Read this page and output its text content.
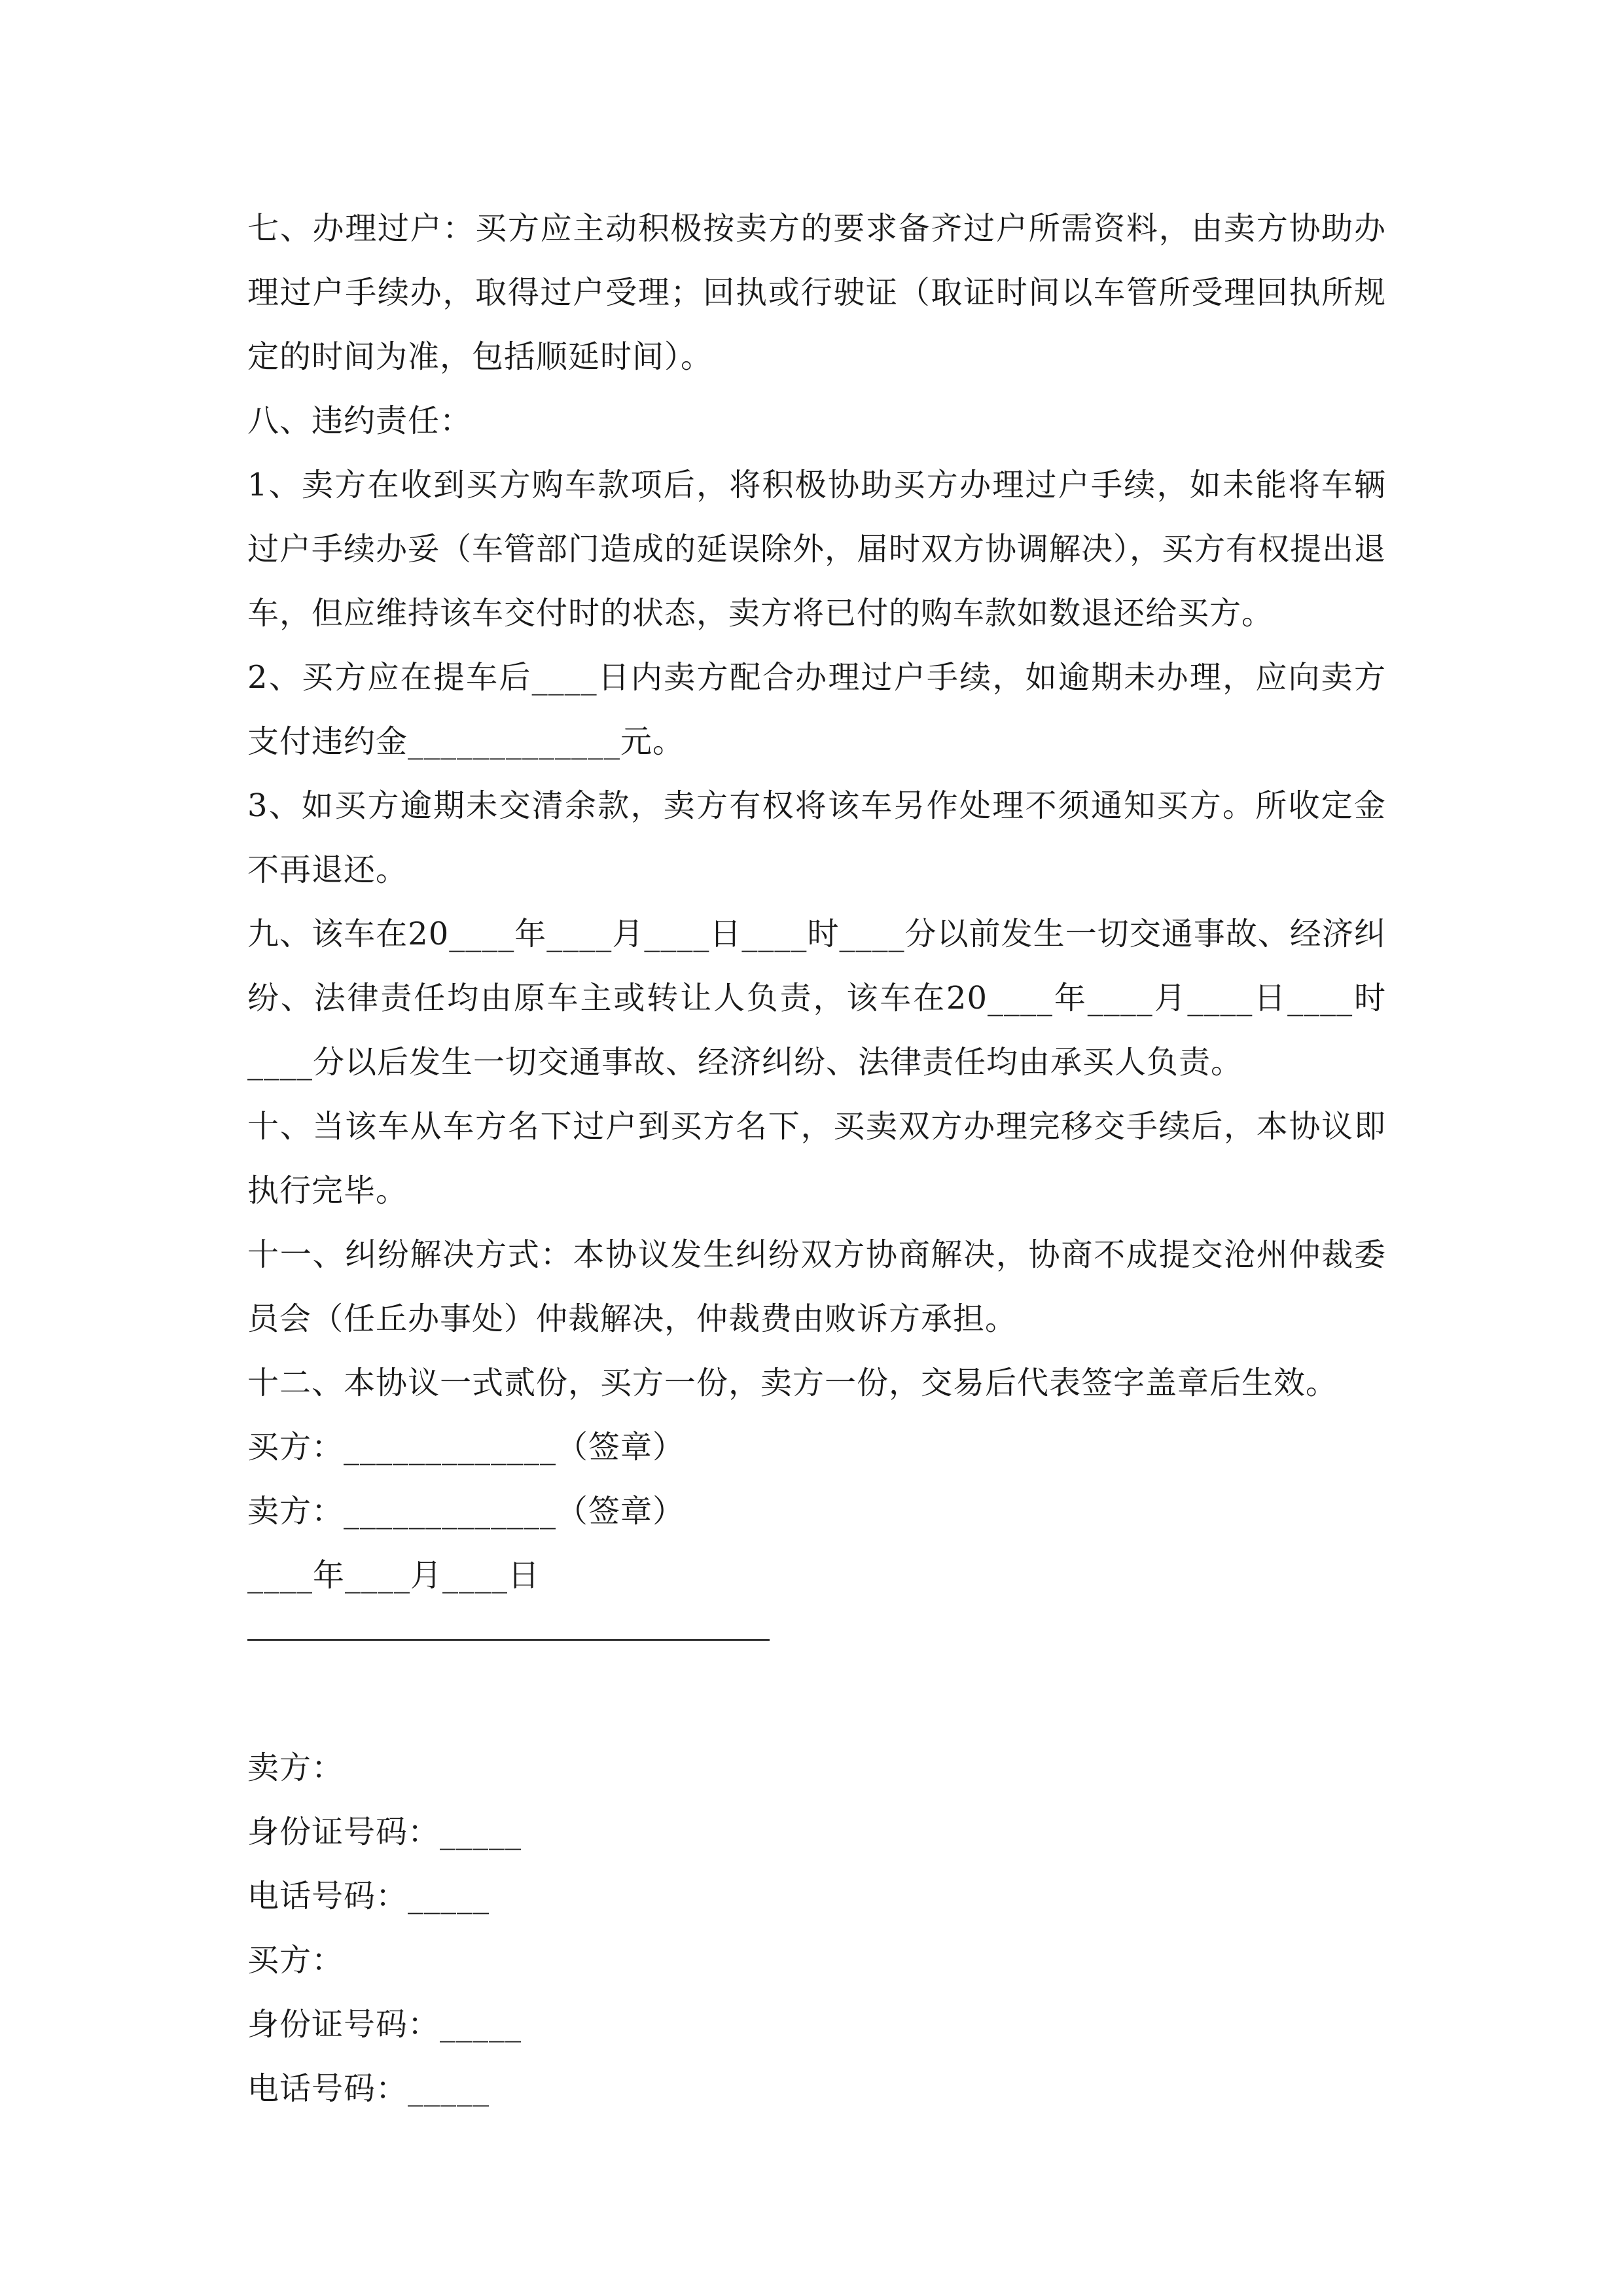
七、办理过户：买方应主动积极按卖方的要求备齐过户所需资料，由卖方协助办理过户手续办，取得过户受理；回执或行驶证（取证时间以车管所受理回执所规定的时间为准，包括顺延时间）。

八、违约责任：

1、卖方在收到买方购车款项后，将积极协助买方办理过户手续，如未能将车辆过户手续办妥（车管部门造成的延误除外，届时双方协调解决），买方有权提出退车，但应维持该车交付时的状态，卖方将已付的购车款如数退还给买方。

2、买方应在提车后____日内卖方配合办理过户手续，如逾期未办理，应向卖方支付违约金_____________元。

3、如买方逾期未交清余款，卖方有权将该车另作处理不须通知买方。所收定金不再退还。

九、该车在20____年____月____日____时____分以前发生一切交通事故、经济纠纷、法律责任均由原车主或转让人负责，该车在20____年____月____日____时____分以后发生一切交通事故、经济纠纷、法律责任均由承买人负责。

十、当该车从车方名下过户到买方名下，买卖双方办理完移交手续后，本协议即执行完毕。

十一、纠纷解决方式：本协议发生纠纷双方协商解决，协商不成提交沧州仲裁委员会（任丘办事处）仲裁解决，仲裁费由败诉方承担。

十二、本协议一式贰份，买方一份，卖方一份，交易后代表签字盖章后生效。

买方：_____________（签章）

卖方：_____________（签章）

____年____月____日

卖方：

身份证号码：_____

电话号码：_____

买方：

身份证号码：_____

电话号码：_____
